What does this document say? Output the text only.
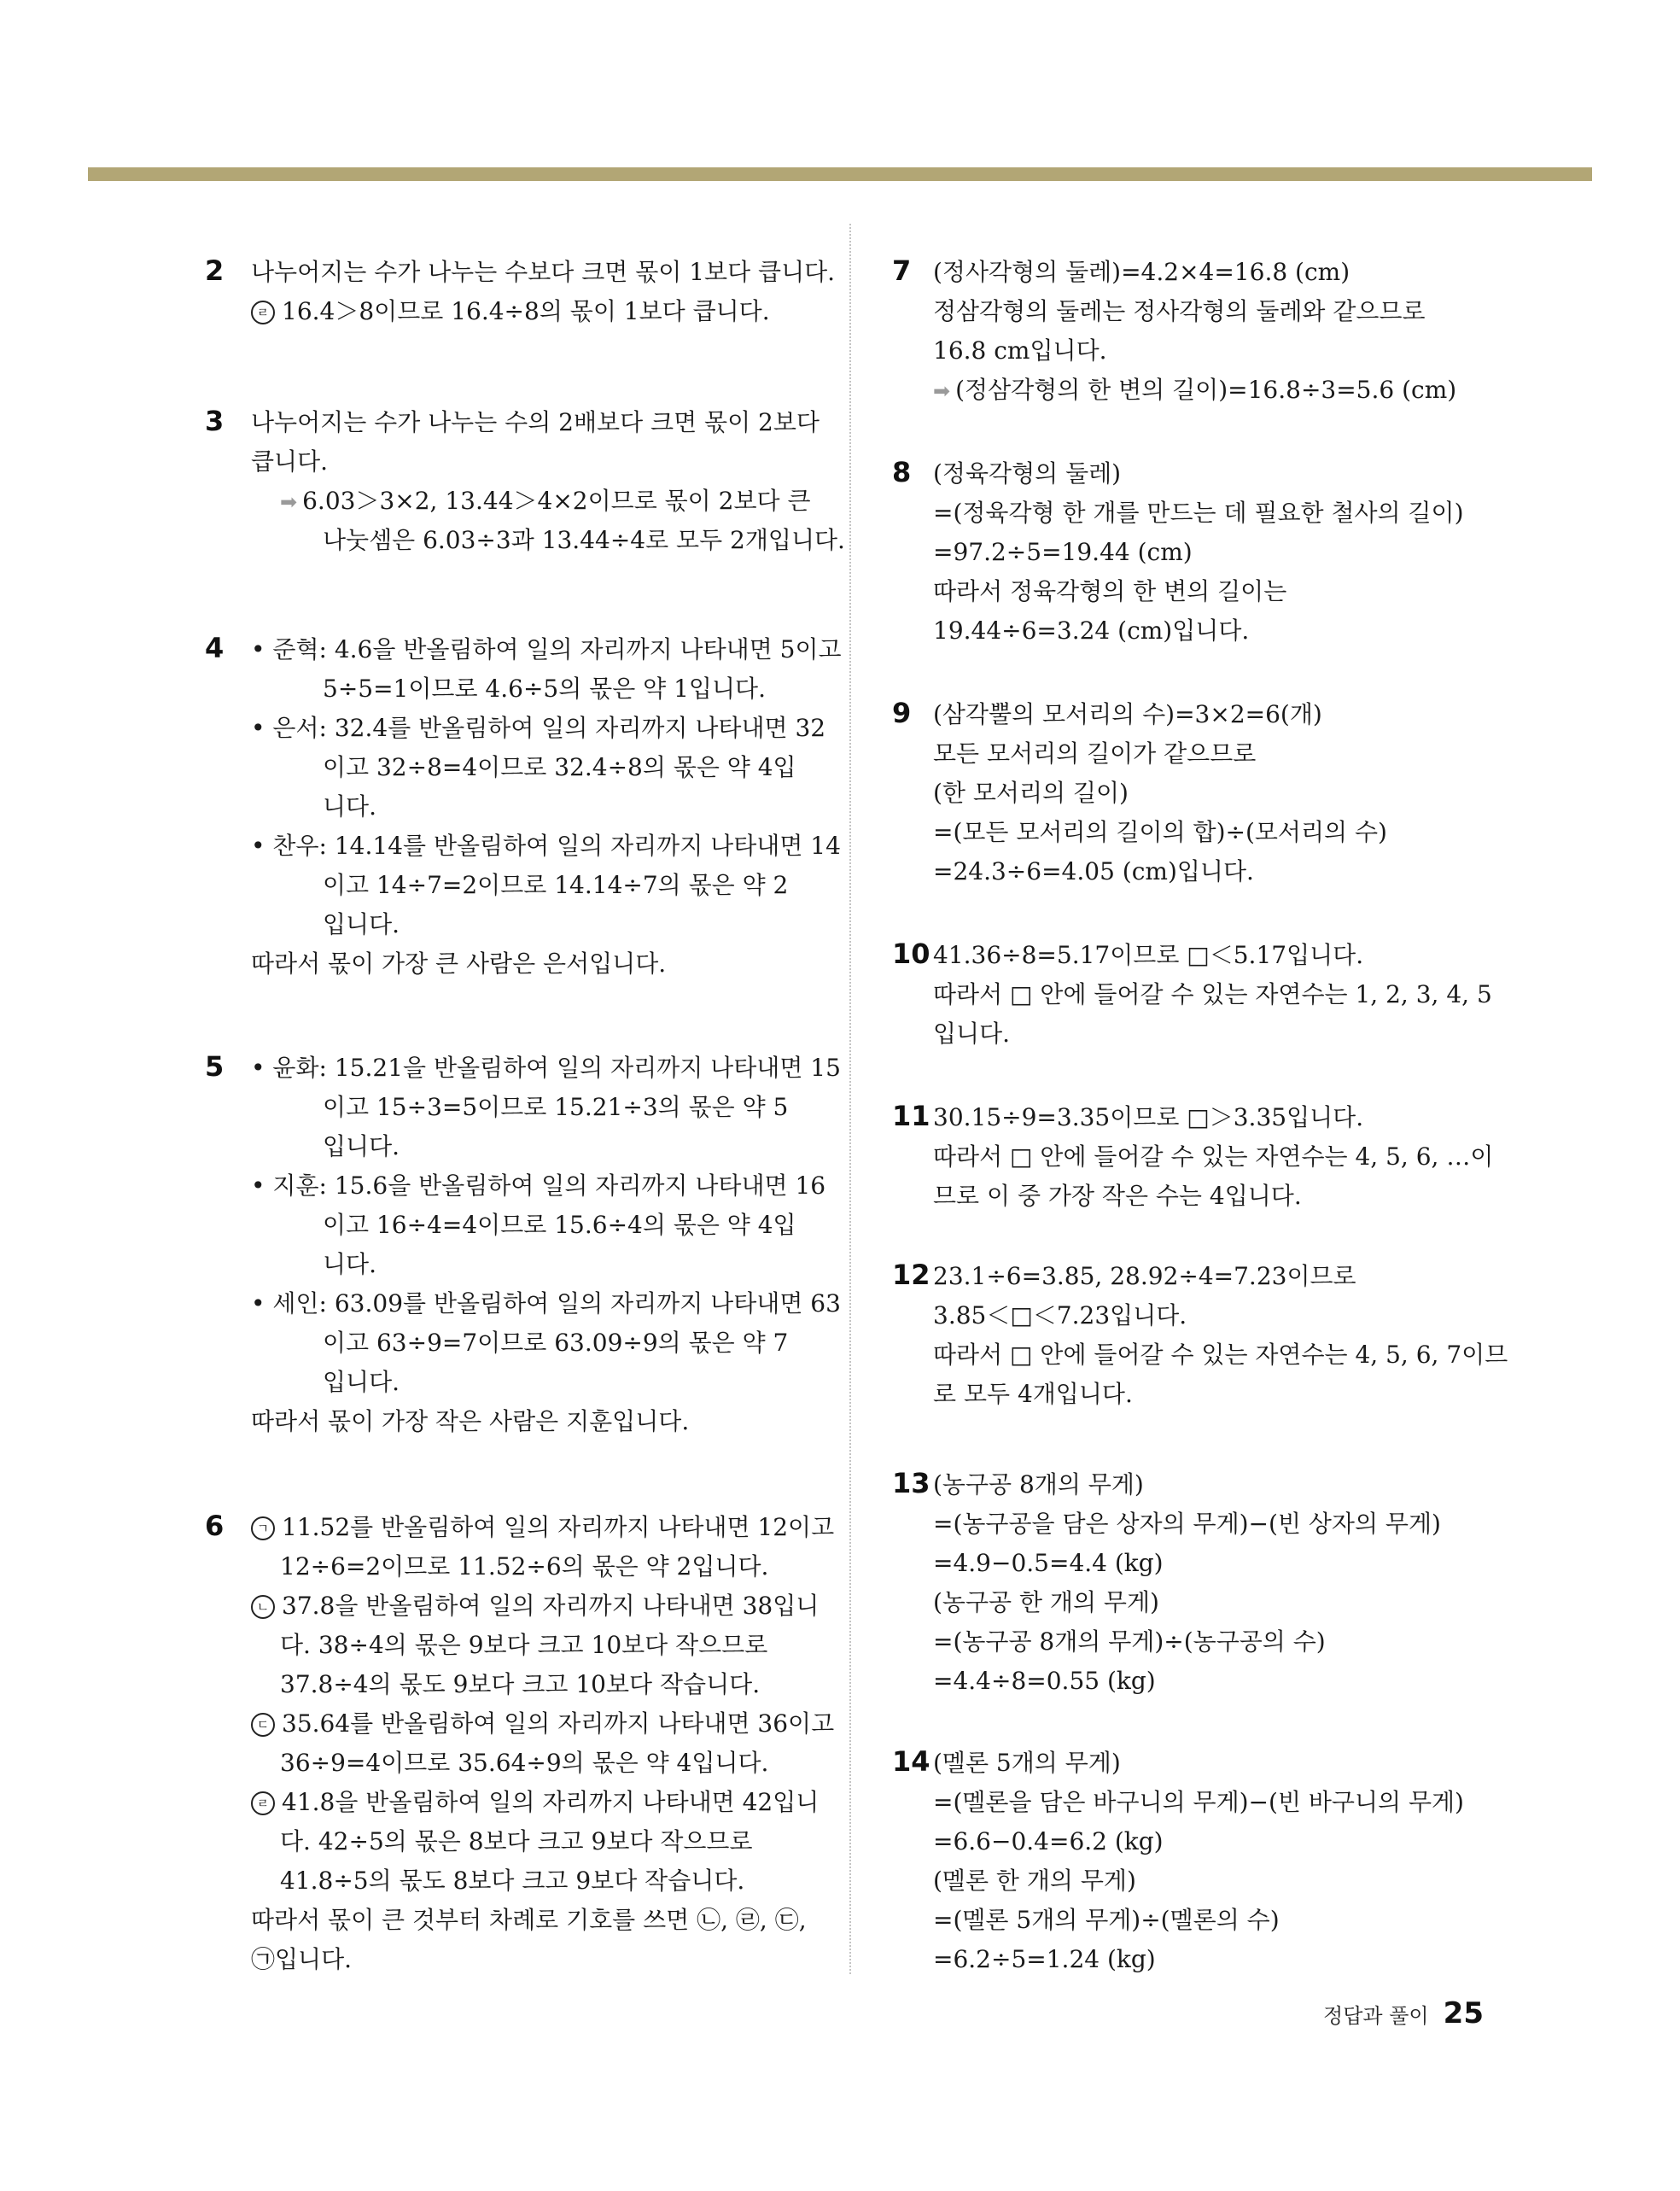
2 나누어지는 수가 나누는 수보다 크면 몫이 1보다 큽니다.
ㄹ 16.4＞8이므로 16.4÷8의 몫이 1보다 큽니다.
3 나누어지는 수가 나누는 수의 2배보다 크면 몫이 2보다
큽니다.
➡ 6.03＞3×2, 13.44＞4×2이므로 몫이 2보다 큰
나눗셈은 6.03÷3과 13.44÷4로 모두 2개입니다.
4 • 준혁: 4.6을 반올림하여 일의 자리까지 나타내면 5이고
5÷5=1이므로 4.6÷5의 몫은 약 1입니다.
• 은서: 32.4를 반올림하여 일의 자리까지 나타내면 32
이고 32÷8=4이므로 32.4÷8의 몫은 약 4입
니다.
• 찬우: 14.14를 반올림하여 일의 자리까지 나타내면 14
이고 14÷7=2이므로 14.14÷7의 몫은 약 2
입니다.
따라서 몫이 가장 큰 사람은 은서입니다.
5 • 윤화: 15.21을 반올림하여 일의 자리까지 나타내면 15
이고 15÷3=5이므로 15.21÷3의 몫은 약 5
입니다.
• 지훈: 15.6을 반올림하여 일의 자리까지 나타내면 16
이고 16÷4=4이므로 15.6÷4의 몫은 약 4입
니다.
• 세인: 63.09를 반올림하여 일의 자리까지 나타내면 63
이고 63÷9=7이므로 63.09÷9의 몫은 약 7
입니다.
따라서 몫이 가장 작은 사람은 지훈입니다.
6	ㄱ 11.52를 반올림하여 일의 자리까지 나타내면 12이고
12÷6=2이므로 11.52÷6의 몫은 약 2입니다.
ㄴ 37.8을 반올림하여 일의 자리까지 나타내면 38입니
다. 38÷4의 몫은 9보다 크고 10보다 작으므로
37.8÷4의 몫도 9보다 크고 10보다 작습니다.
ㄷ 35.64를 반올림하여 일의 자리까지 나타내면 36이고
36÷9=4이므로 35.64÷9의 몫은 약 4입니다.
ㄹ 41.8을 반올림하여 일의 자리까지 나타내면 42입니
다. 42÷5의 몫은 8보다 크고 9보다 작으므로
41.8÷5의 몫도 8보다 크고 9보다 작습니다.
따라서 몫이 큰 것부터 차례로 기호를 쓰면 ㉡, ㉣, ㉢,
㉠입니다.
7 (정사각형의 둘레)=4.2×4=16.8 (cm)
정삼각형의 둘레는 정사각형의 둘레와 같으므로
16.8 cm입니다.
➡ (정삼각형의 한 변의 길이)=16.8÷3=5.6 (cm)
8 (정육각형의 둘레)
=(정육각형 한 개를 만드는 데 필요한 철사의 길이)
=97.2÷5=19.44 (cm)
따라서 정육각형의 한 변의 길이는
19.44÷6=3.24 (cm)입니다.
9 (삼각뿔의 모서리의 수)=3×2=6(개)
모든 모서리의 길이가 같으므로
(한 모서리의 길이)
=(모든 모서리의 길이의 합)÷(모서리의 수)
=24.3÷6=4.05 (cm)입니다.
10 41.36÷8=5.17이므로 □＜5.17입니다.
따라서 □ 안에 들어갈 수 있는 자연수는 1, 2, 3, 4, 5
입니다.
11 30.15÷9=3.35이므로 □＞3.35입니다.
따라서 □ 안에 들어갈 수 있는 자연수는 4, 5, 6, …이
므로 이 중 가장 작은 수는 4입니다.
12 23.1÷6=3.85, 28.92÷4=7.23이므로
3.85＜□＜7.23입니다.
따라서 □ 안에 들어갈 수 있는 자연수는 4, 5, 6, 7이므
로 모두 4개입니다.
13 (농구공 8개의 무게)
=(농구공을 담은 상자의 무게)−(빈 상자의 무게)
=4.9−0.5=4.4 (kg)
(농구공 한 개의 무게)
=(농구공 8개의 무게)÷(농구공의 수)
=4.4÷8=0.55 (kg)
14 (멜론 5개의 무게)
=(멜론을 담은 바구니의 무게)−(빈 바구니의 무게)
=6.6−0.4=6.2 (kg)
(멜론 한 개의 무게)
=(멜론 5개의 무게)÷(멜론의 수)
=6.2÷5=1.24 (kg)
정답과 풀이 25
